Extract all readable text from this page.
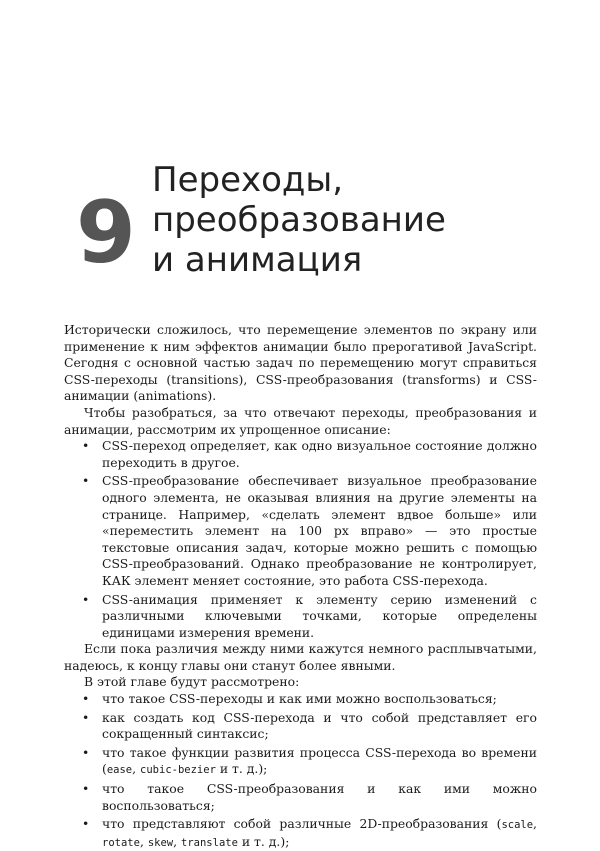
9
Переходы,
преобразование
и анимация

Исторически сложилось, что перемещение элементов по экрану или применение к ним эффектов анимации было прерогативой JavaScript. Сегодня с основной частью задач по перемещению могут справиться CSS-переходы (transitions), CSS-преобразования (transforms) и CSS-анимации (animations).

Чтобы разобраться, за что отвечают переходы, преобразования и анимации, рассмотрим их упрощенное описание:

• CSS-переход определяет, как одно визуальное состояние должно переходить в другое.
• CSS-преобразование обеспечивает визуальное преобразование одного элемента, не оказывая влияния на другие элементы на странице. Например, «сделать элемент вдвое больше» или «переместить элемент на 100 px вправо» — это простые текстовые описания задач, которые можно решить с помощью CSS-преобразований. Однако преобразование не контролирует, КАК элемент меняет состояние, это работа CSS-перехода.
• CSS-анимация применяет к элементу серию изменений с различными ключевыми точками, которые определены единицами измерения времени.

Если пока различия между ними кажутся немного расплывчатыми, надеюсь, к концу главы они станут более явными.

В этой главе будут рассмотрено:

• что такое CSS-переходы и как ими можно воспользоваться;
• как создать код CSS-перехода и что собой представляет его сокращенный синтаксис;
• что такое функции развития процесса CSS-перехода во времени (ease, cubic-bezier и т. д.);
• что такое CSS-преобразования и как ими можно воспользоваться;
• что представляют собой различные 2D-преобразования (scale, rotate, skew, translate и т. д.);
